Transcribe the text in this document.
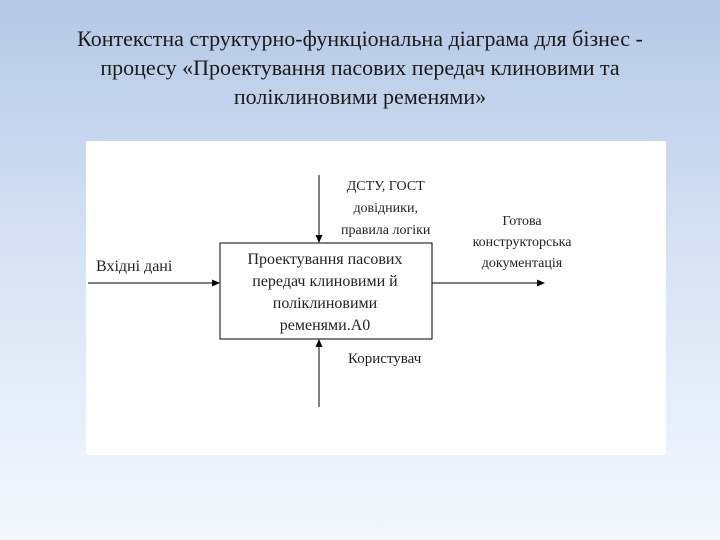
Контекстна структурно-функціональна діаграма для бізнес -
процесу «Проектування пасових передач клиновими та
поліклиновими ременями»
Вхідні дані
ДСТУ, ГОСТ
довідники,
правила логіки
Готова
конструкторська
документація
Проектування пасових
передач клиновими й
поліклиновими
ременями.А0
Користувач
